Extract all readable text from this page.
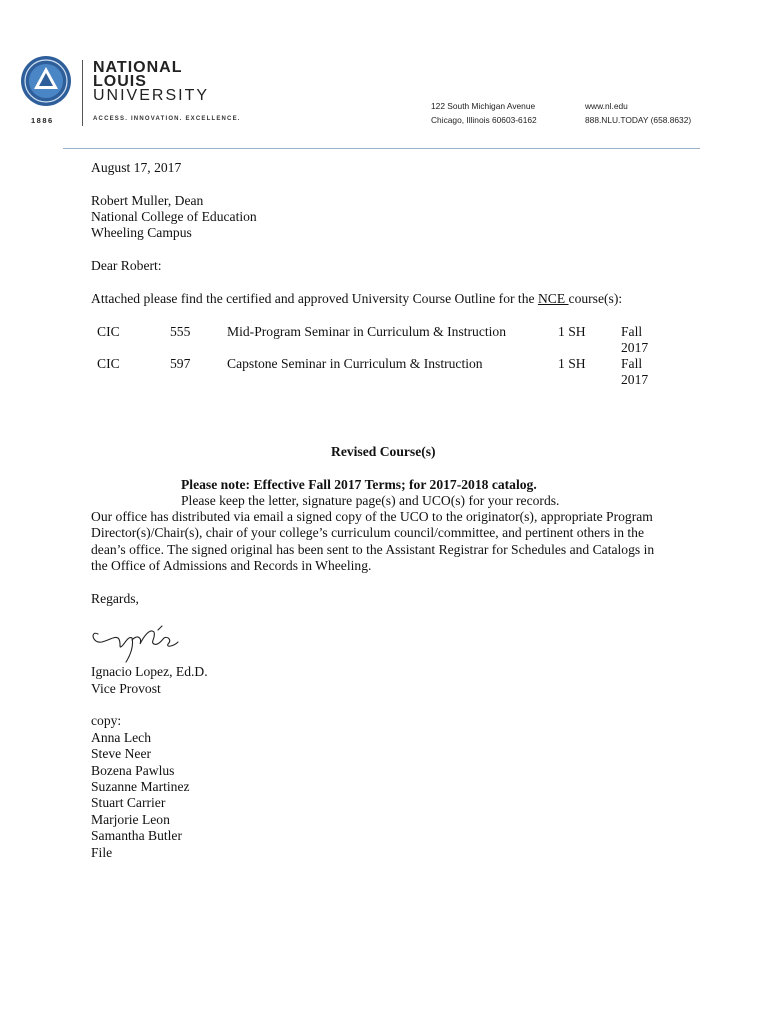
1886
NATIONAL
LOUIS
UNIVERSITY
ACCESS. INNOVATION. EXCELLENCE.
122 South Michigan Avenue
Chicago, Illinois 60603-6162
www.nl.edu
888.NLU.TODAY (658.8632)
August 17, 2017
Robert Muller, Dean
National College of Education
Wheeling Campus
Dear Robert:
Attached please find the certified and approved University Course Outline for the NCE course(s):
CIC	555	Mid-Program Seminar in Curriculum & Instruction	1 SH	Fall
2017
CIC	597	Capstone Seminar in Curriculum & Instruction	1 SH	Fall
2017
Revised Course(s)
Please note: Effective Fall 2017 Terms; for 2017-2018 catalog.
Please keep the letter, signature page(s) and UCO(s) for your records.
Our office has distributed via email a signed copy of the UCO to the originator(s), appropriate Program
Director(s)/Chair(s), chair of your college’s curriculum council/committee, and pertinent others in the
dean’s office. The signed original has been sent to the Assistant Registrar for Schedules and Catalogs in
the Office of Admissions and Records in Wheeling.
Regards,
Ignacio Lopez, Ed.D.
Vice Provost
copy:
Anna Lech
Steve Neer
Bozena Pawlus
Suzanne Martinez
Stuart Carrier
Marjorie Leon
Samantha Butler
File
